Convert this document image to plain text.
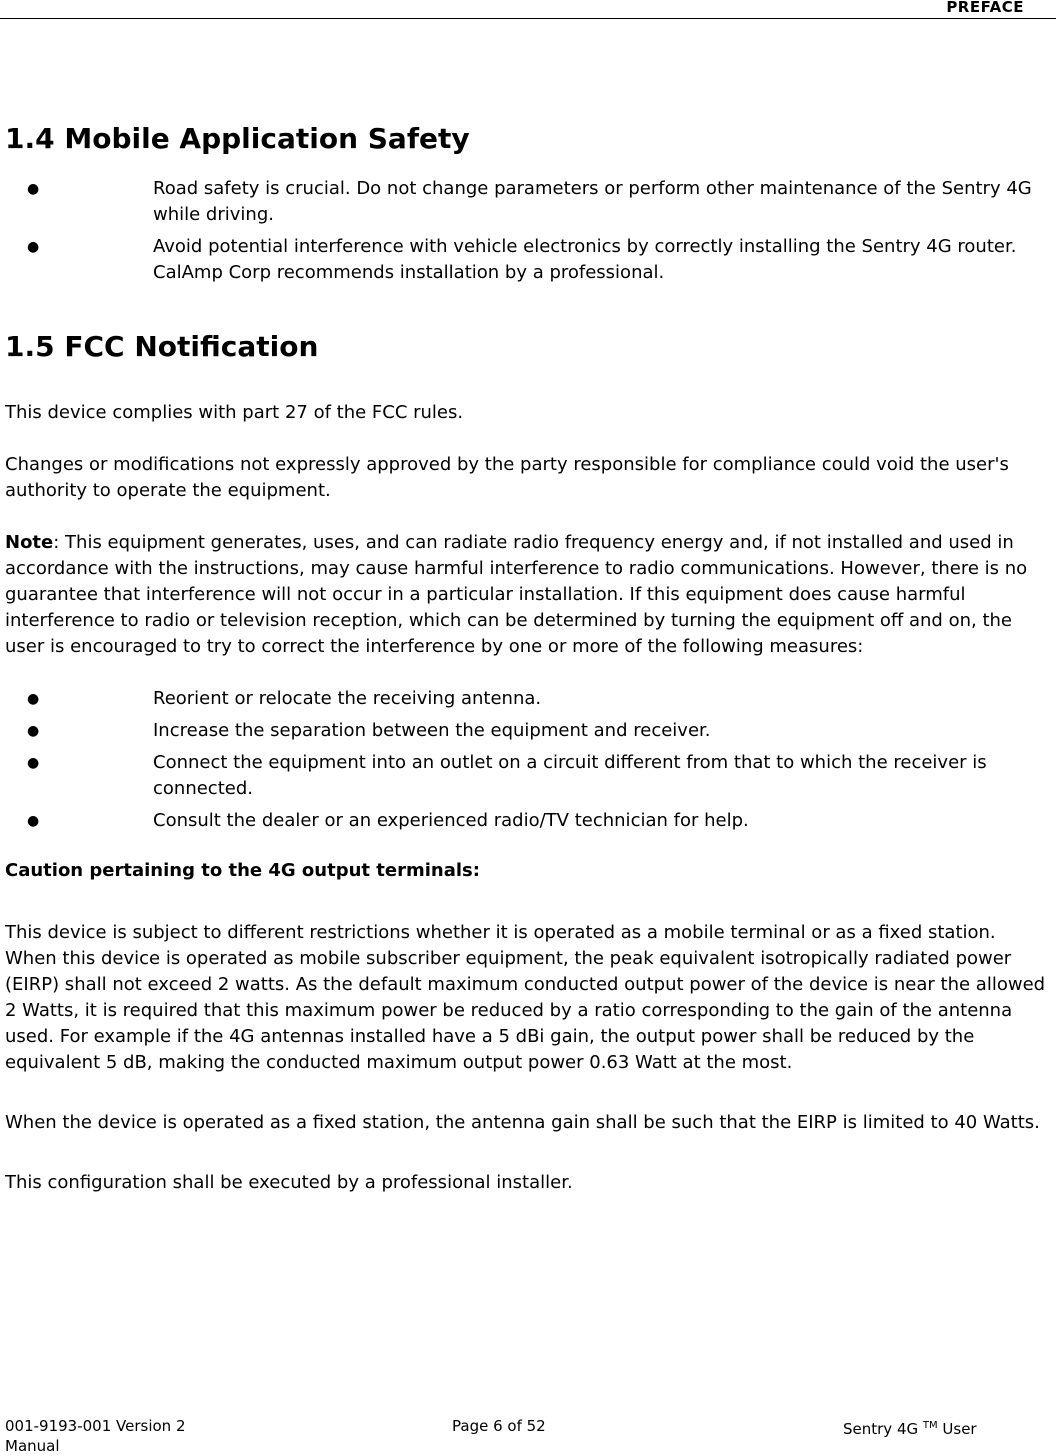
PREFACE
1.4 Mobile Application Safety
●	Road safety is crucial. Do not change parameters or perform other maintenance of the Sentry 4G while driving.
●	Avoid potential interference with vehicle electronics by correctly installing the Sentry 4G router. CalAmp Corp recommends installation by a professional.
1.5 FCC Notification

This device complies with part 27 of the FCC rules.

Changes or modifications not expressly approved by the party responsible for compliance could void the user's authority to operate the equipment.

Note: This equipment generates, uses, and can radiate radio frequency energy and, if not installed and used in accordance with the instructions, may cause harmful interference to radio communications. However, there is no guarantee that interference will not occur in a particular installation. If this equipment does cause harmful interference to radio or television reception, which can be determined by turning the equipment off and on, the user is encouraged to try to correct the interference by one or more of the following measures:

●	Reorient or relocate the receiving antenna.
●	Increase the separation between the equipment and receiver.
●	Connect the equipment into an outlet on a circuit different from that to which the receiver is connected.
●	Consult the dealer or an experienced radio/TV technician for help.

Caution pertaining to the 4G output terminals:

This device is subject to different restrictions whether it is operated as a mobile terminal or as a fixed station. When this device is operated as mobile subscriber equipment, the peak equivalent isotropically radiated power (EIRP) shall not exceed 2 watts. As the default maximum conducted output power of the device is near the allowed 2 Watts, it is required that this maximum power be reduced by a ratio corresponding to the gain of the antenna used. For example if the 4G antennas installed have a 5 dBi gain, the output power shall be reduced by the equivalent 5 dB, making the conducted maximum output power 0.63 Watt at the most.

When the device is operated as a fixed station, the antenna gain shall be such that the EIRP is limited to 40 Watts.

This configuration shall be executed by a professional installer.

001-9193-001 Version 2 Manual
Page 6 of 52	Sentry 4G ™ User
